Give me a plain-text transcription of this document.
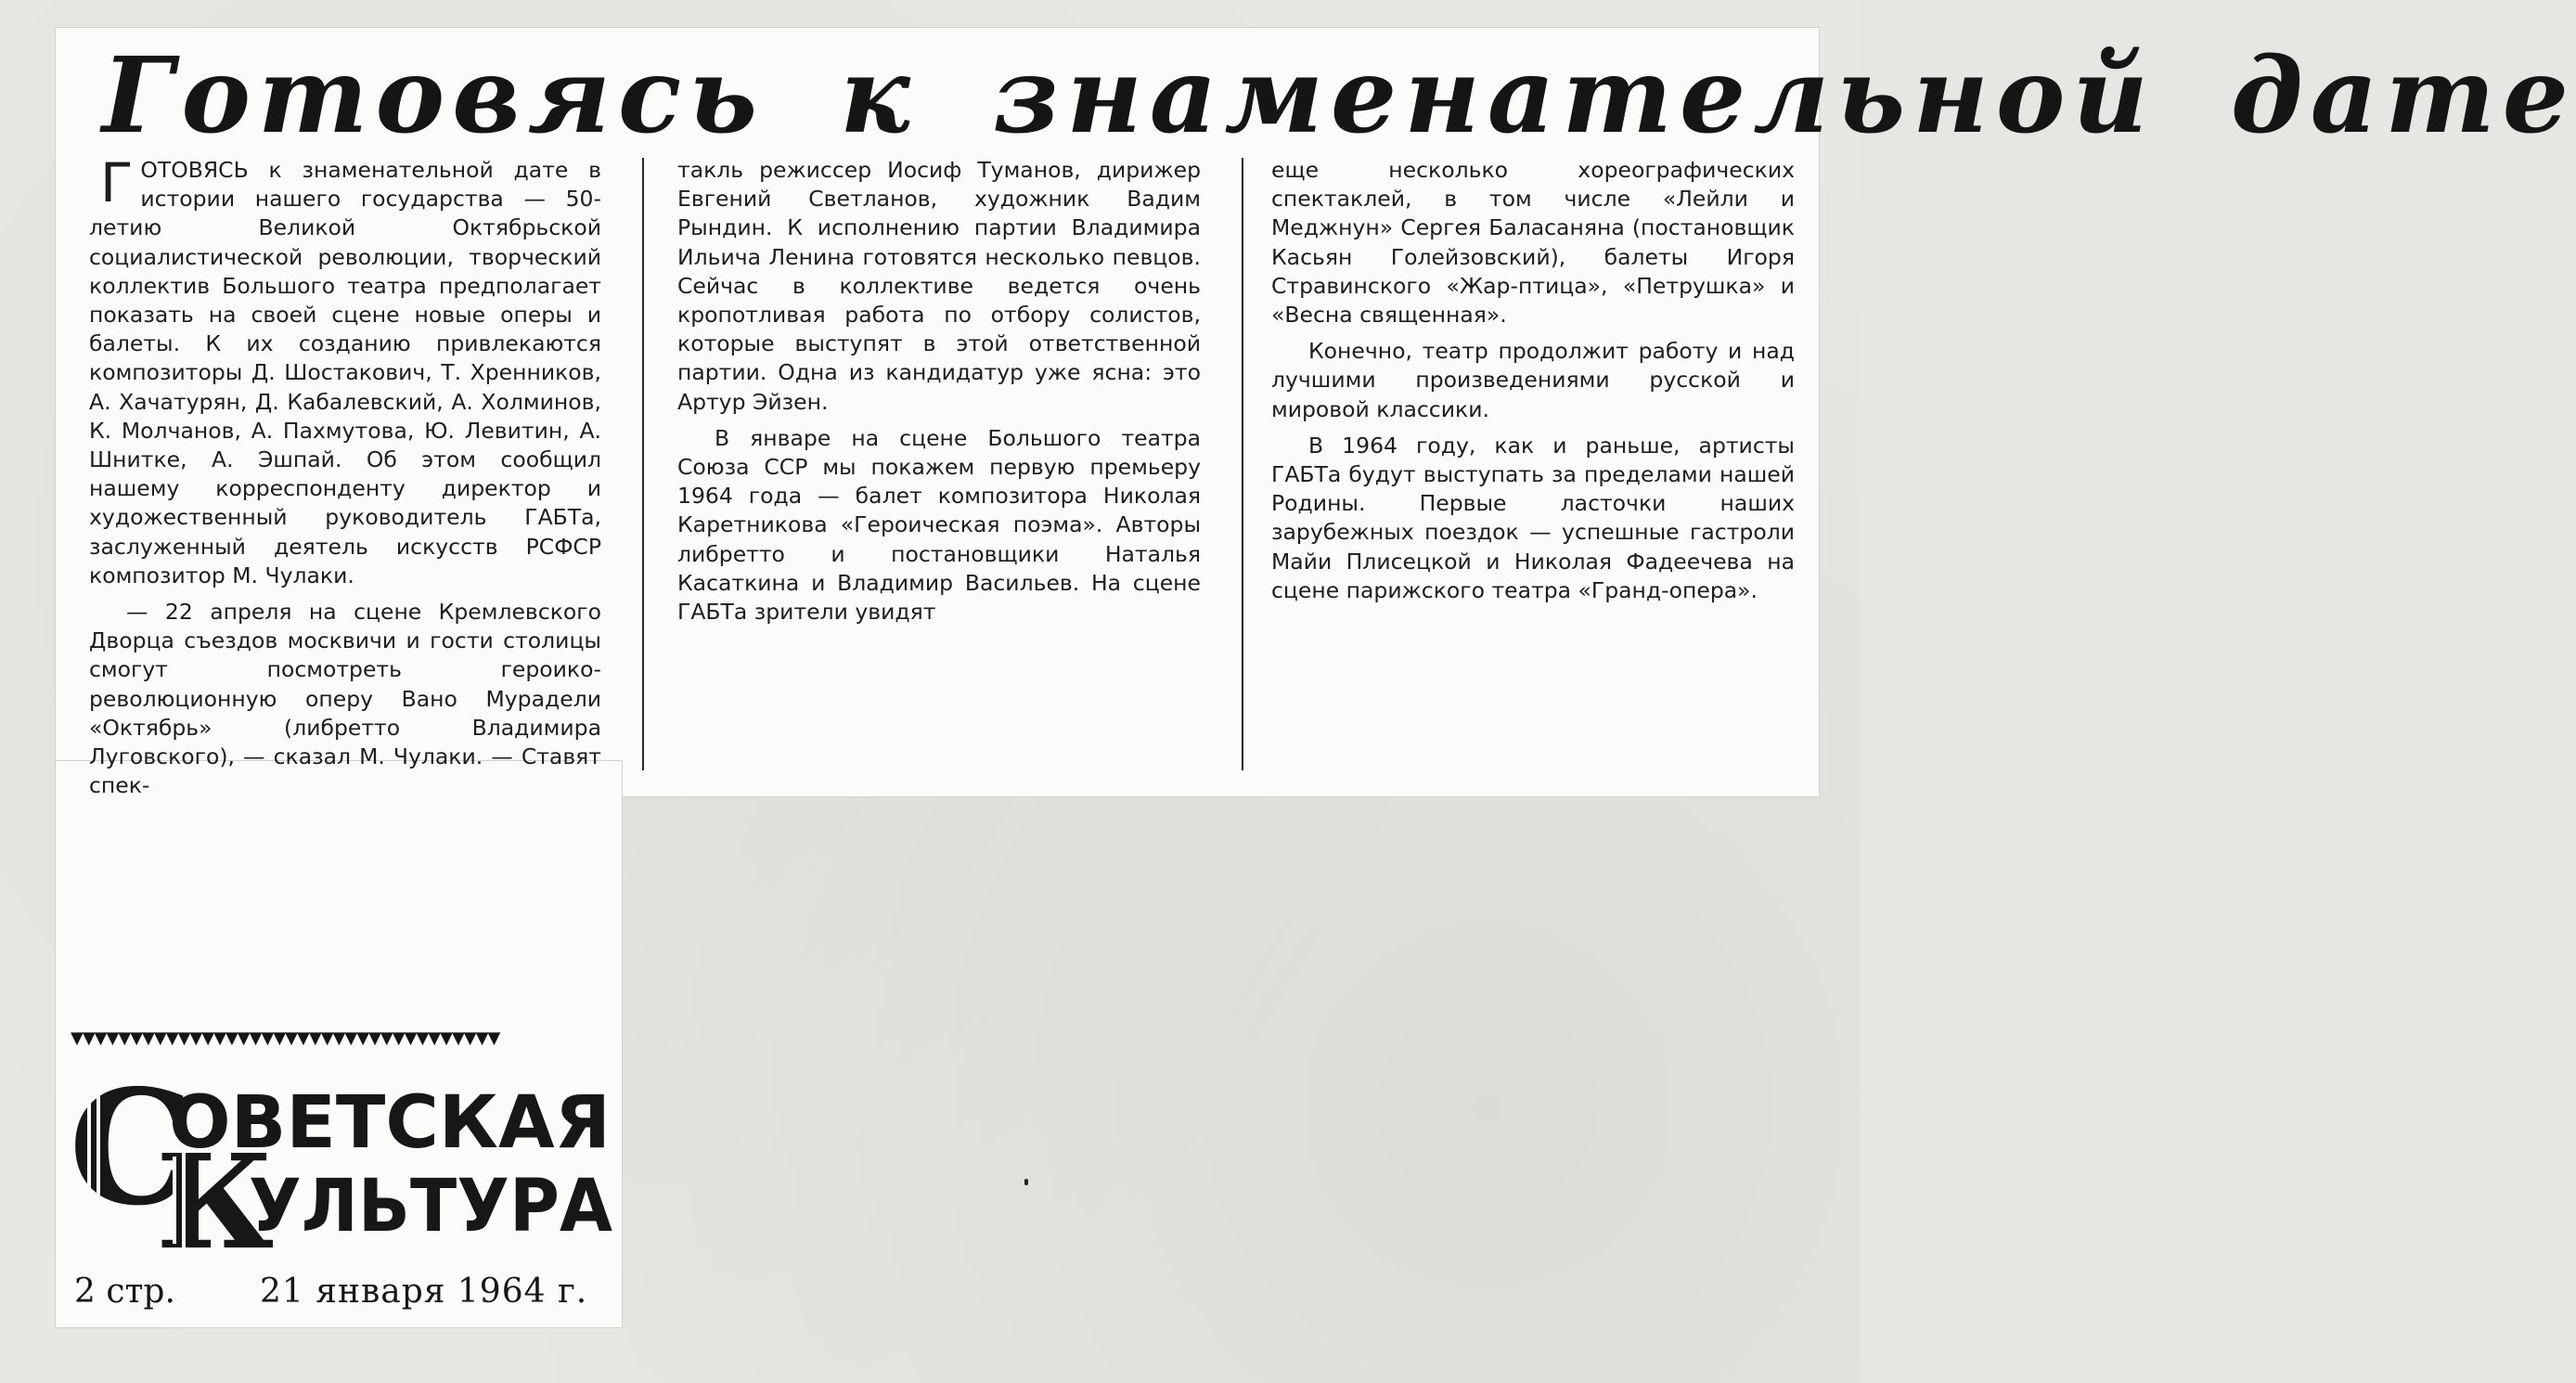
Готовясь к знаменательной дате

ГОТОВЯСЬ к знаменательной дате в истории нашего государства — 50-летию Великой Октябрьской социалистической революции, творческий коллектив Большого театра предполагает показать на своей сцене новые оперы и балеты. К их созданию привлекаются композиторы Д. Шостакович, Т. Хренников, А. Хачатурян, Д. Кабалевский, А. Холминов, К. Молчанов, А. Пахмутова, Ю. Левитин, А. Шнитке, А. Эшпай. Об этом сообщил нашему корреспонденту директор и художественный руководитель ГАБТа, заслуженный деятель искусств РСФСР композитор М. Чулаки.

— 22 апреля на сцене Кремлевского Дворца съездов москвичи и гости столицы смогут посмотреть героико-революционную оперу Вано Мурадели «Октябрь» (либретто Владимира Луговского), — сказал М. Чулаки. — Ставят спек-

такль режиссер Иосиф Туманов, дирижер Евгений Светланов, художник Вадим Рындин. К исполнению партии Владимира Ильича Ленина готовятся несколько певцов. Сейчас в коллективе ведется очень кропотливая работа по отбору солистов, которые выступят в этой ответственной партии. Одна из кандидатур уже ясна: это Артур Эйзен.

В январе на сцене Большого театра Союза ССР мы покажем первую премьеру 1964 года — балет композитора Николая Каретникова «Героическая поэма». Авторы либретто и постановщики Наталья Касаткина и Владимир Васильев. На сцене ГАБТа зрители увидят

еще несколько хореографических спектаклей, в том числе «Лейли и Меджнун» Сергея Баласаняна (постановщик Касьян Голейзовский), балеты Игоря Стравинского «Жар-птица», «Петрушка» и «Весна священная».

Конечно, театр продолжит работу и над лучшими произведениями русской и мировой классики.

В 1964 году, как и раньше, артисты ГАБТа будут выступать за пределами нашей Родины. Первые ласточки наших зарубежных поездок — успешные гастроли Майи Плисецкой и Николая Фадеечева на сцене парижского театра «Гранд-опера».

▼▼▼▼▼▼▼▼▼▼▼▼▼▼▼▼▼▼▼▼▼▼▼▼▼▼▼▼▼▼▼▼▼▼▼▼
С
ОВЕТСКАЯ
К
УЛЬТУРА
2 стр.	21 января 1964 г.
